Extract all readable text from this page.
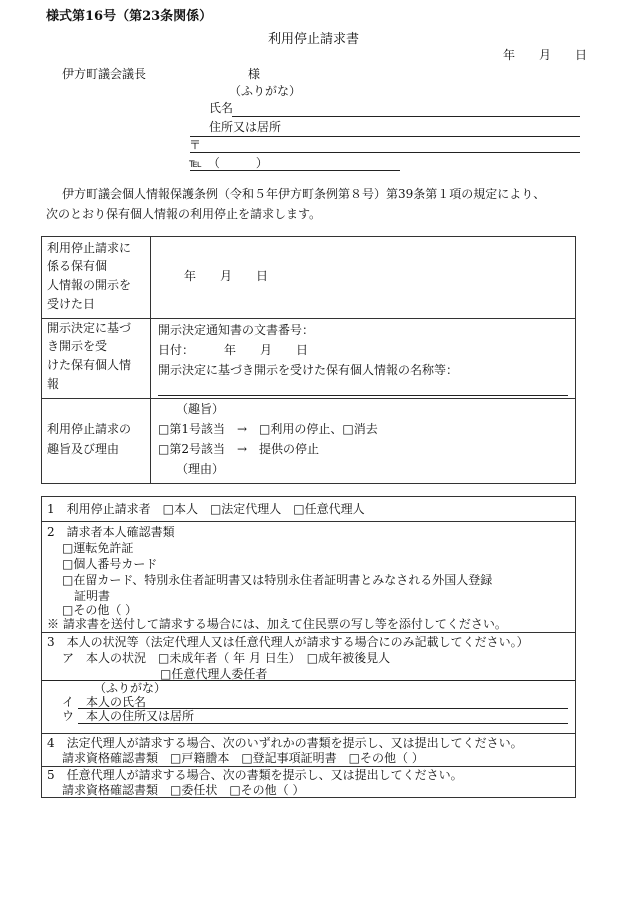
様式第16号（第23条関係）
利用停止請求書
年　　月　　日
伊方町議会議長	様
（ふりがな）
氏名
住所又は居所
〒
℡　（　　　）
伊方町議会個人情報保護条例（令和５年伊方町条例第８号）第39条第１項の規定により、
次のとおり保有個人情報の利用停止を請求します。
利用停止請求に
係る保有個
人情報の開示を
受けた日
年　　月　　日
開示決定に基づ
き開示を受
けた保有個人情
報
開示決定通知書の文書番号：
日付：　　　年　　月　　日
開示決定に基づき開示を受けた保有個人情報の名称等：
利用停止請求の
趣旨及び理由
（趣旨）
□第1号該当　→　□利用の停止、□消去
□第2号該当　→　提供の停止
（理由）
1　利用停止請求者　□本人　□法定代理人　□任意代理人
2　請求者本人確認書類
□運転免許証
□個人番号カード
□在留カード、特別永住者証明書又は特別永住者証明書とみなされる外国人登録
　証明書
□その他（ ）
※ 請求書を送付して請求する場合には、加えて住民票の写し等を添付してください。
3　本人の状況等（法定代理人又は任意代理人が請求する場合にのみ記載してください。）
ア　本人の状況　□未成年者（ 年 月 日生）　□成年被後見人
□任意代理人委任者
（ふりがな）
イ　本人の氏名
ウ　本人の住所又は居所
4　法定代理人が請求する場合、次のいずれかの書類を提示し、又は提出してください。
請求資格確認書類　□戸籍謄本　□登記事項証明書　□その他（ ）
5　任意代理人が請求する場合、次の書類を提示し、又は提出してください。
請求資格確認書類　□委任状　□その他（ ）
